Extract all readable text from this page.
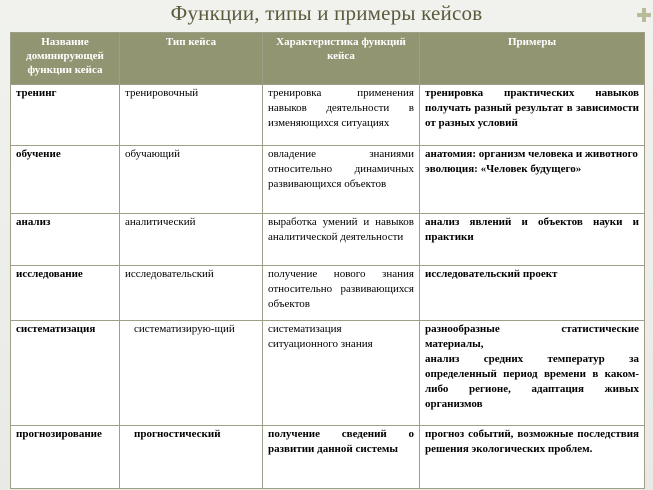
Функции, типы и примеры кейсов
Название доминирующей функции кейса	Тип кейса	Характеристика функций кейса	Примеры
тренинг	тренировочный	тренировка применения навыков деятельности в изменяющихся ситуациях	тренировка практических навыков получать разный результат в зависимости от разных условий

обучение	обучающий	овладение знаниями относительно динамичных развивающихся объектов	анатомия: организм человека и животного
эволюция: «Человек будущего»

анализ	аналитический	выработка умений и навыков аналитической деятельности	анализ явлений и объектов науки и практики

исследование	исследовательский	получение нового знания относительно развивающихся объектов	исследовательский проект

систематизация	систематизирую-щий	систематизация ситуационного знания	разнообразные статистические материалы,
анализ средних температур за определенный период времени в каком-либо регионе, адаптация живых организмов

прогнозирование	прогностический	получение сведений о развитии данной системы	прогноз событий, возможные последствия решения экологических проблем.
